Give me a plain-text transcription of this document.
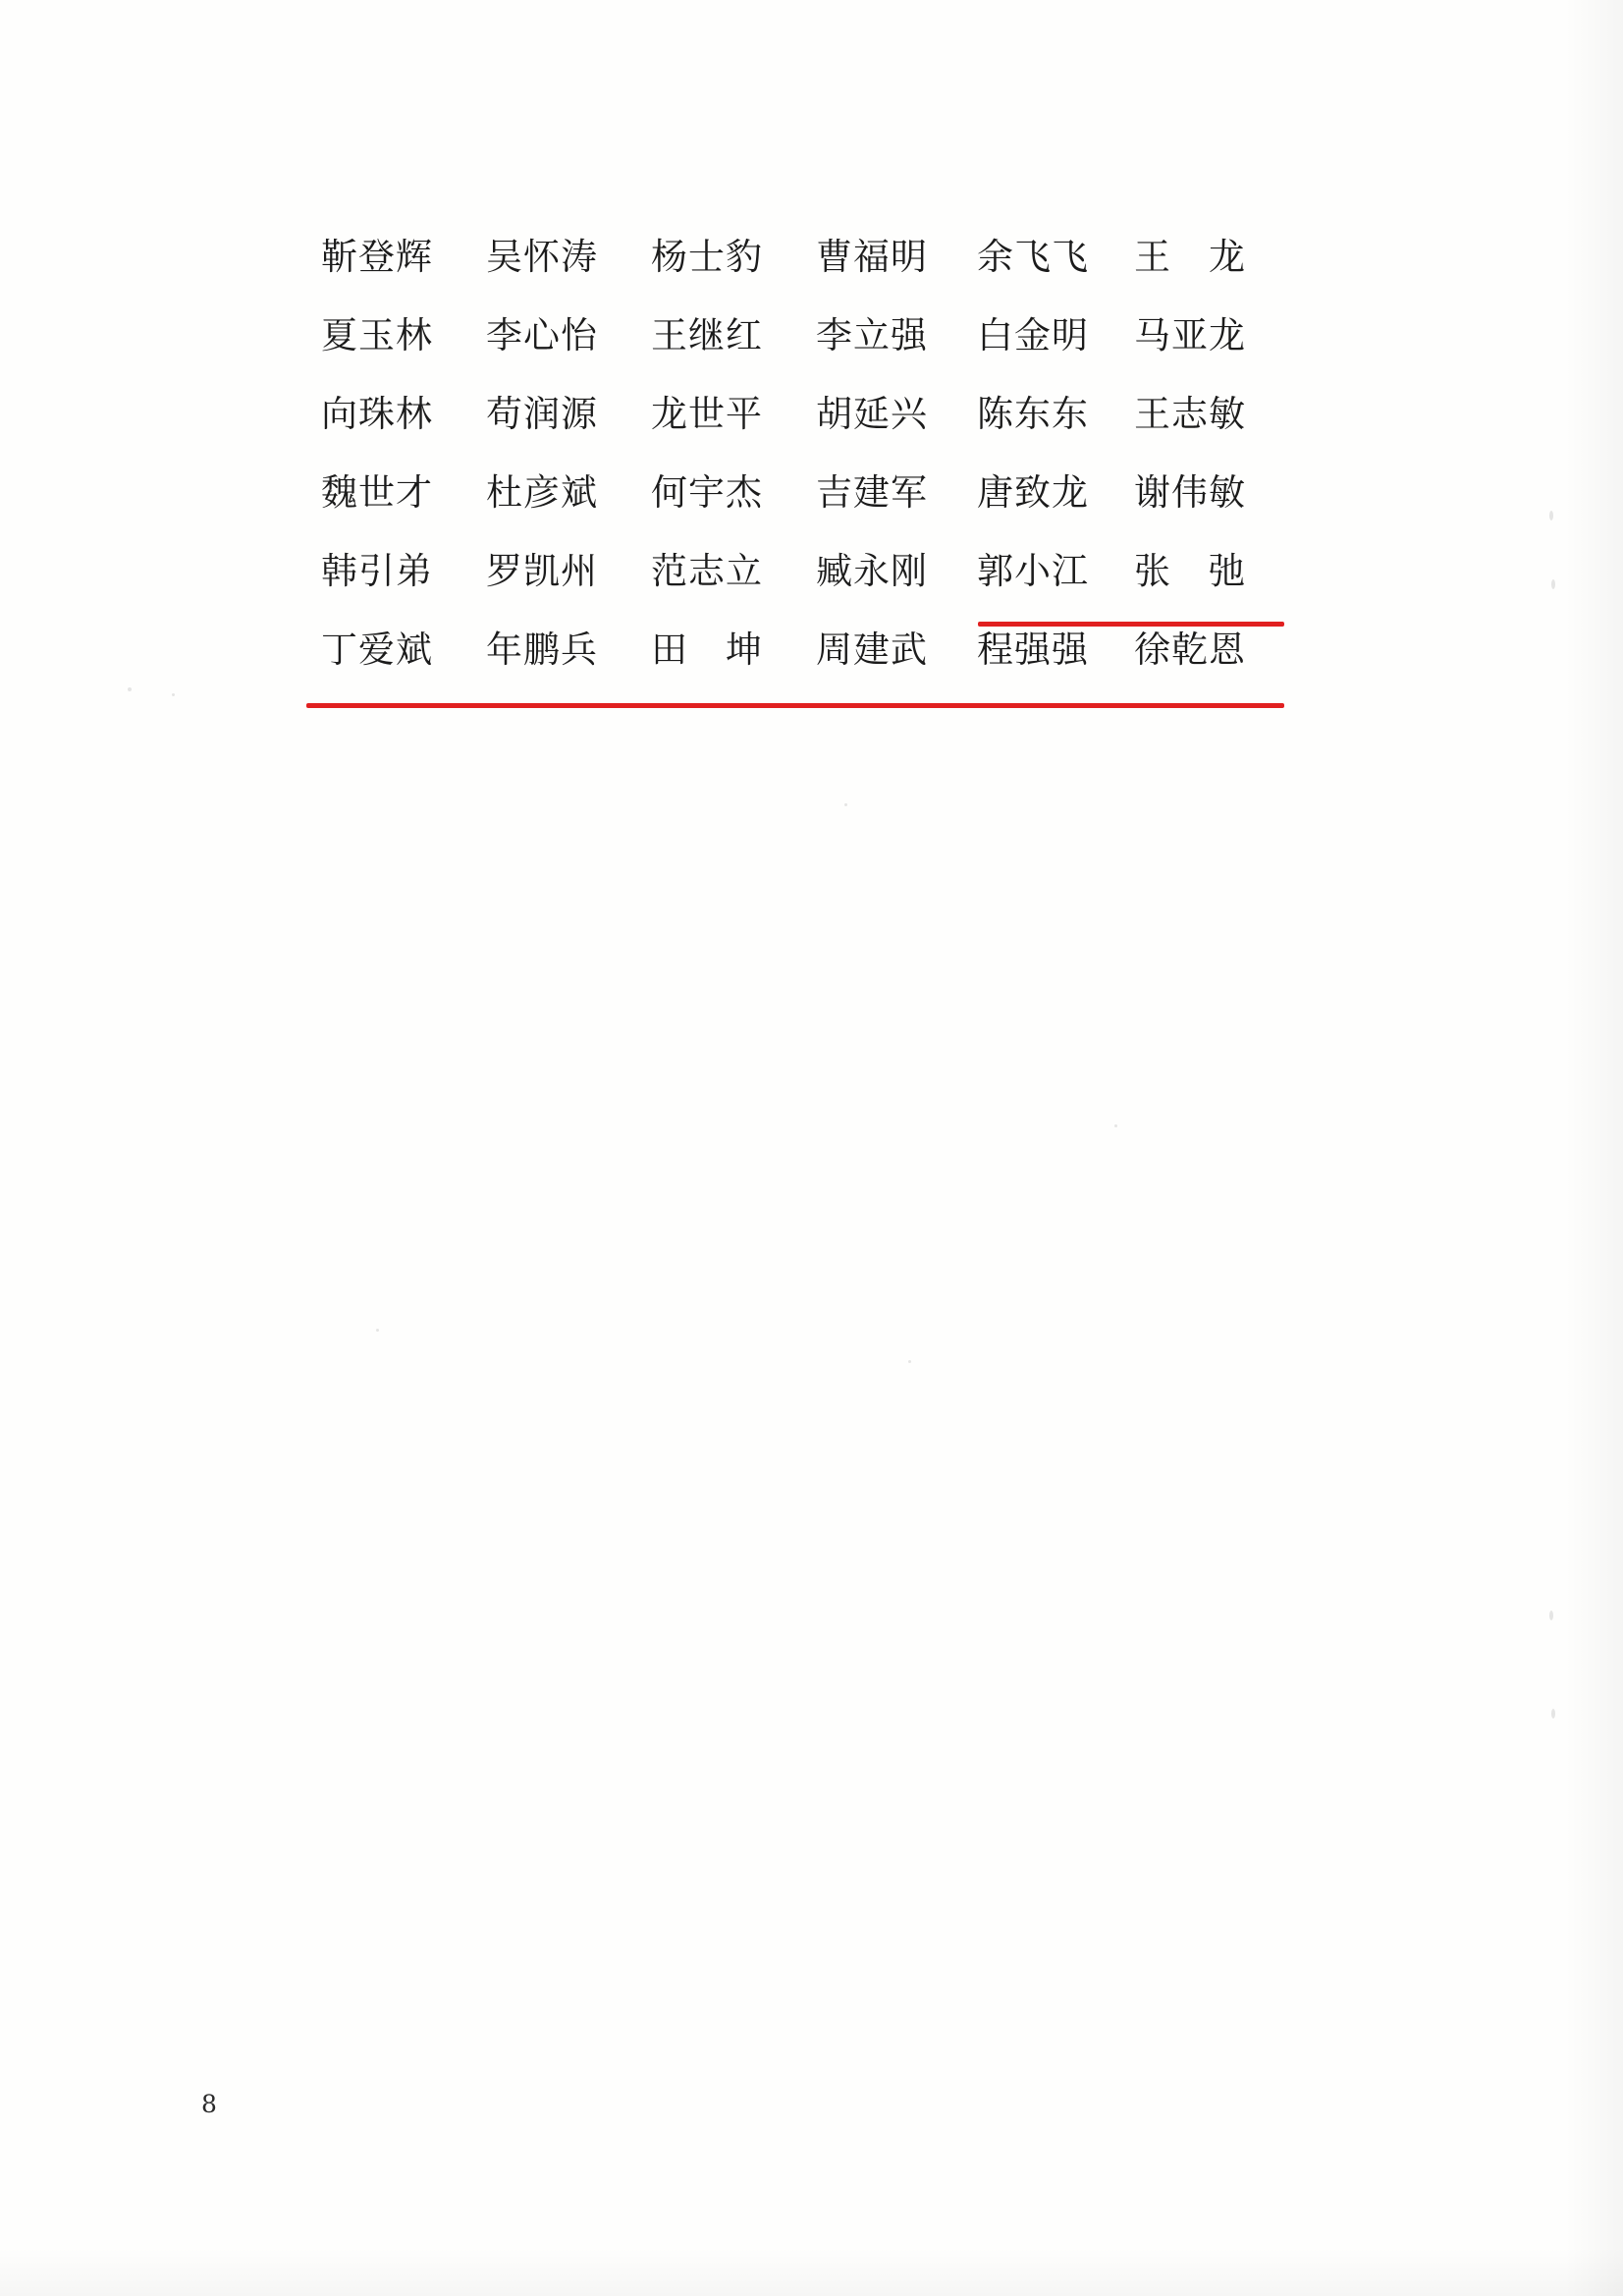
靳登辉	吴怀涛	杨士豹	曹福明	余飞飞	王　龙
夏玉林	李心怡	王继红	李立强	白金明	马亚龙
向珠林	苟润源	龙世平	胡延兴	陈东东	王志敏
魏世才	杜彦斌	何宇杰	吉建军	唐致龙	谢伟敏
韩引弟	罗凯州	范志立	臧永刚	郭小江	张　弛
丁爱斌	年鹏兵	田　坤	周建武	程强强	徐乾恩
8
